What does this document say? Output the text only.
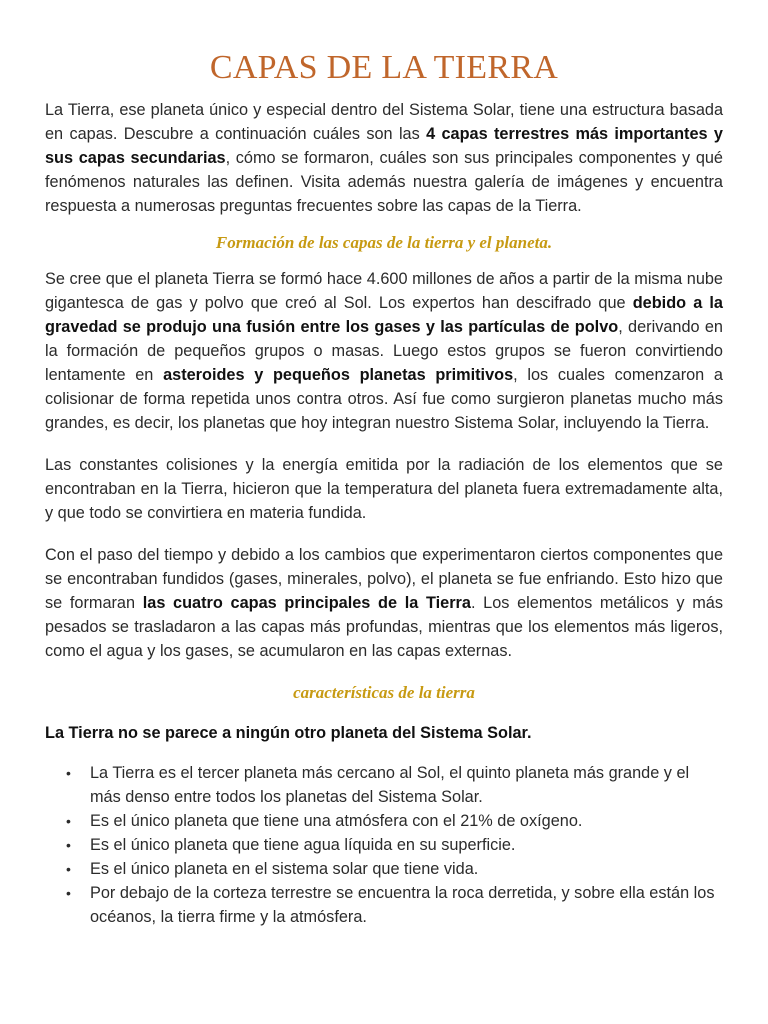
CAPAS DE LA TIERRA

La Tierra, ese planeta único y especial dentro del Sistema Solar, tiene una estructura basada en capas. Descubre a continuación cuáles son las 4 capas terrestres más importantes y sus capas secundarias, cómo se formaron, cuáles son sus principales componentes y qué fenómenos naturales las definen. Visita además nuestra galería de imágenes y encuentra respuesta a numerosas preguntas frecuentes sobre las capas de la Tierra.

Formación de las capas de la tierra y el planeta.

Se cree que el planeta Tierra se formó hace 4.600 millones de años a partir de la misma nube gigantesca de gas y polvo que creó al Sol. Los expertos han descifrado que debido a la gravedad se produjo una fusión entre los gases y las partículas de polvo, derivando en la formación de pequeños grupos o masas. Luego estos grupos se fueron convirtiendo lentamente en asteroides y pequeños planetas primitivos, los cuales comenzaron a colisionar de forma repetida unos contra otros. Así fue como surgieron planetas mucho más grandes, es decir, los planetas que hoy integran nuestro Sistema Solar, incluyendo la Tierra.

Las constantes colisiones y la energía emitida por la radiación de los elementos que se encontraban en la Tierra, hicieron que la temperatura del planeta fuera extremadamente alta, y que todo se convirtiera en materia fundida.

Con el paso del tiempo y debido a los cambios que experimentaron ciertos componentes que se encontraban fundidos (gases, minerales, polvo), el planeta se fue enfriando. Esto hizo que se formaran las cuatro capas principales de la Tierra. Los elementos metálicos y más pesados se trasladaron a las capas más profundas, mientras que los elementos más ligeros, como el agua y los gases, se acumularon en las capas externas.

características de la tierra

La Tierra no se parece a ningún otro planeta del Sistema Solar.

• La Tierra es el tercer planeta más cercano al Sol, el quinto planeta más grande y el más denso entre todos los planetas del Sistema Solar.
• Es el único planeta que tiene una atmósfera con el 21% de oxígeno.
• Es el único planeta que tiene agua líquida en su superficie.
• Es el único planeta en el sistema solar que tiene vida.
• Por debajo de la corteza terrestre se encuentra la roca derretida, y sobre ella están los océanos, la tierra firme y la atmósfera.
